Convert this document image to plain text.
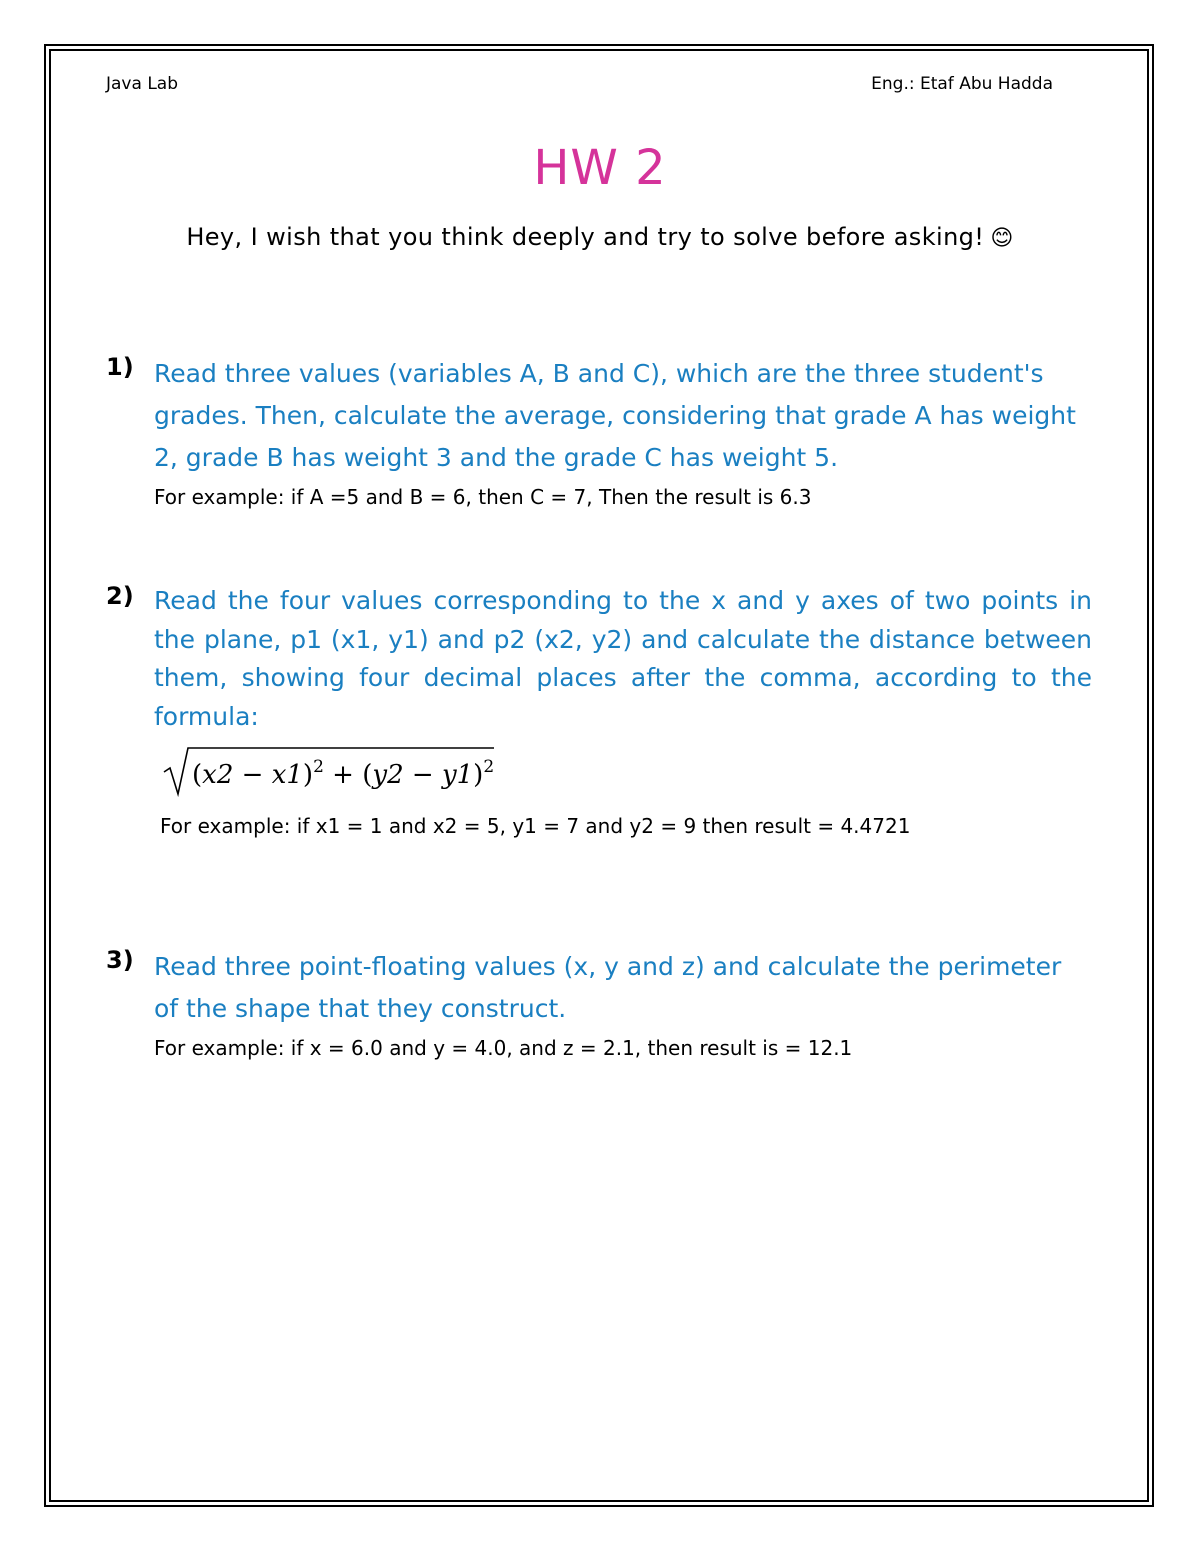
Java Lab	Eng.: Etaf Abu Hadda
HW 2
Hey, I wish that you think deeply and try to solve before asking! 😊
1) Read three values (variables A, B and C), which are the three student's grades. Then, calculate the average, considering that grade A has weight 2, grade B has weight 3 and the grade C has weight 5.
For example: if A =5 and B = 6, then C = 7, Then the result is 6.3
2) Read the four values corresponding to the x and y axes of two points in the plane, p1 (x1, y1) and p2 (x2, y2) and calculate the distance between them, showing four decimal places after the comma, according to the formula:
$(x2 - x1)^2 + (y2 - y1)^2$
For example: if x1 = 1 and x2 = 5, y1 = 7 and y2 = 9 then result = 4.4721
3) Read three point-floating values (x, y and z) and calculate the perimeter of the shape that they construct.
For example: if x = 6.0 and y = 4.0, and z = 2.1, then result is = 12.1
